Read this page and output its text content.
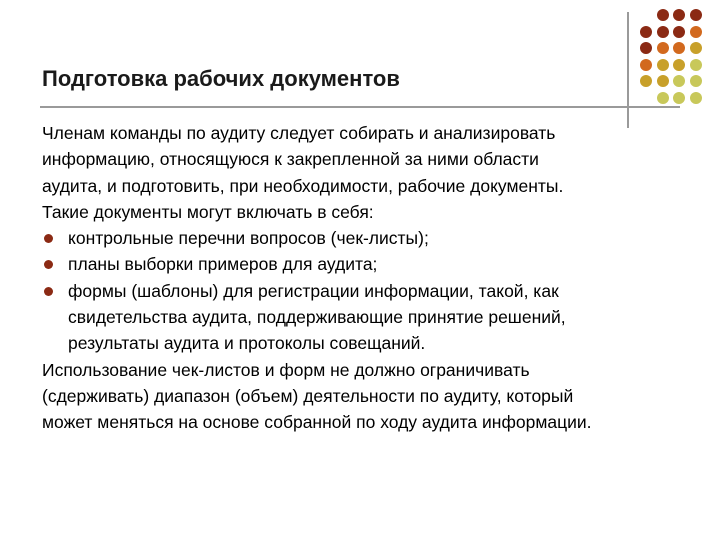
Подготовка рабочих документов

Членам команды по аудиту следует собирать и анализировать

информацию, относящуюся к закрепленной за ними области

аудита, и подготовить, при необходимости, рабочие документы.

Такие документы могут включать в себя:

контрольные перечни вопросов (чек-листы);
планы выборки примеров для аудита;
формы (шаблоны) для регистрации информации, такой, как
свидетельства аудита, поддерживающие принятие решений,
результаты аудита и протоколы совещаний.

Использование чек-листов и форм не должно ограничивать

(сдерживать) диапазон (объем) деятельности по аудиту, который

может меняться на основе собранной по ходу аудита информации.
